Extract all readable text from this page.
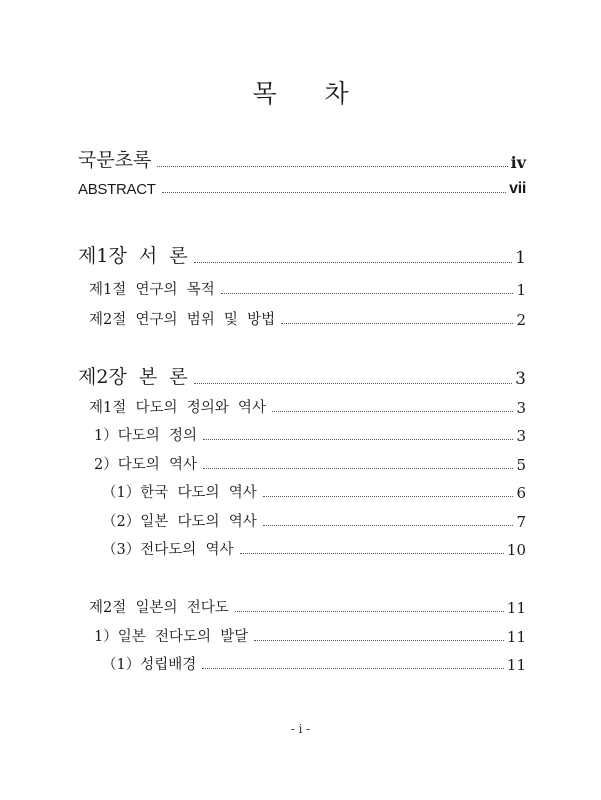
목      차
국문초록	iv
ABSTRACT	vii
제1장  서  론	1
제1절  연구의  목적	1
제2절  연구의  범위  및  방법	2
제2장  본  론	3
제1절  다도의  정의와  역사	3
1）다도의  정의	3
2）다도의  역사	5
（1）한국  다도의  역사	6
（2）일본  다도의  역사	7
（3）전다도의  역사	10
제2절  일본의  전다도	11
1）일본  전다도의  발달	11
（1）성립배경	11
- i -
